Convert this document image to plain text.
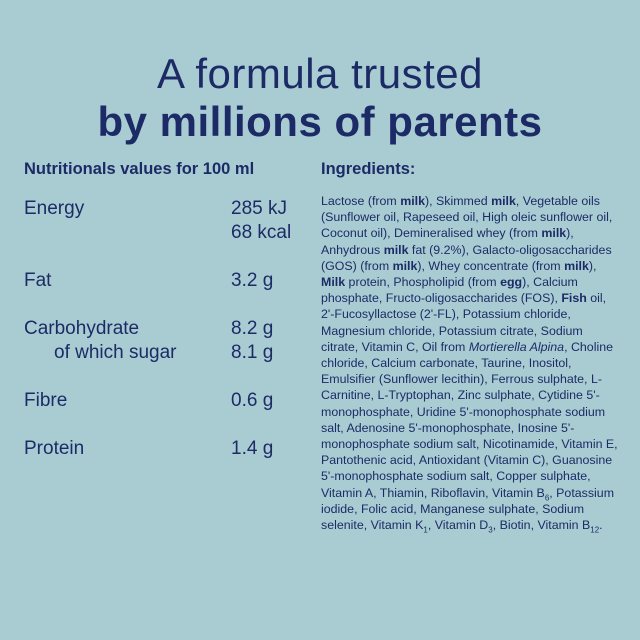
A formula trusted
by millions of parents
Nutritionals values for 100 ml
Energy	285 kJ
68 kcal
Fat	3.2 g
Carbohydrate	8.2 g
of which sugar	8.1 g
Fibre	0.6 g
Protein	1.4 g
Ingredients:

Lactose (from milk), Skimmed milk, Vegetable oils (Sunflower oil, Rapeseed oil, High oleic sunflower oil, Coconut oil), Demineralised whey (from milk), Anhydrous milk fat (9.2%), Galacto-oligosaccharides (GOS) (from milk), Whey concentrate (from milk), Milk protein, Phospholipid (from egg), Calcium phosphate, Fructo-oligosaccharides (FOS), Fish oil, 2'-Fucosyllactose (2'-FL), Potassium chloride, Magnesium chloride, Potassium citrate, Sodium citrate, Vitamin C, Oil from Mortierella Alpina, Choline chloride, Calcium carbonate, Taurine, Inositol, Emulsifier (Sunflower lecithin), Ferrous sulphate, L-Carnitine, L-Tryptophan, Zinc sulphate, Cytidine 5'-monophosphate, Uridine 5'-monophosphate sodium salt, Adenosine 5'-monophosphate, Inosine 5'-monophosphate sodium salt, Nicotinamide, Vitamin E, Pantothenic acid, Antioxidant (Vitamin C), Guanosine 5'-monophosphate sodium salt, Copper sulphate, Vitamin A, Thiamin, Riboflavin, Vitamin $B_6$, Potassium iodide, Folic acid, Manganese sulphate, Sodium selenite, Vitamin $K_1$, Vitamin $D_3$, Biotin, Vitamin $B_{12}$.
